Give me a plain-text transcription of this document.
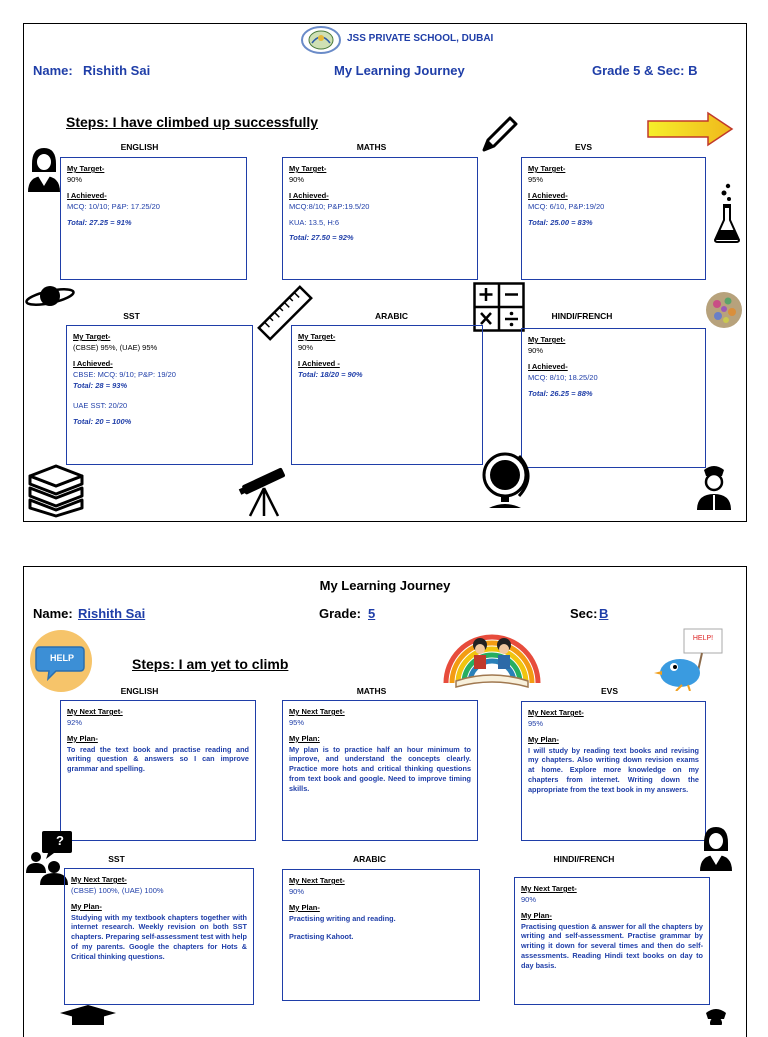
JSS PRIVATE SCHOOL, DUBAI
Name: Rishith Sai	My Learning Journey	Grade 5 & Sec: B
Steps: I have climbed up successfully
ENGLISH	MATHS	EVS
My Target-
90%
I Achieved-
MCQ: 10/10; P&P: 17.25/20
Total: 27.25 = 91%
My Target-
90%
I Achieved-
MCQ:8/10; P&P:19.5/20
KUA: 13.5, H:6
Total: 27.50 = 92%
My Target-
95%
I Achieved-
MCQ: 6/10, P&P:19/20
Total: 25.00 = 83%
SST	ARABIC	HINDI/FRENCH
My Target-
(CBSE) 95%, (UAE) 95%
I Achieved-
CBSE: MCQ: 9/10; P&P: 19/20
Total: 28 = 93%
UAE SST: 20/20
Total: 20 = 100%
My Target-
90%
I Achieved -
Total: 18/20 = 90%
My Target-
90%
I Achieved-
MCQ: 8/10; 18.25/20
Total: 26.25 = 88%
My Learning Journey
Name: Rishith Sai	Grade: 5	Sec: B
HELP	Steps: I am yet to climb
HELP!
ENGLISH	MATHS	EVS
My Next Target-
92%
My Plan-
To read the text book and practise reading and writing question & answers so I can improve grammar and spelling.
My Next Target-
95%
My Plan:
My plan is to practice half an hour minimum to improve, and understand the concepts clearly. Practice more hots and critical thinking questions from text book and google. Need to improve timing skills.
My Next Target-
95%
My Plan-
I will study by reading text books and revising my chapters. Also writing down revision exams at home. Explore more knowledge on my chapters from internet. Writing down the appropriate from the text book in my answers.
?
SST	ARABIC	HINDI/FRENCH
My Next Target-
(CBSE) 100%, (UAE) 100%
My Plan-
Studying with my textbook chapters together with internet research. Weekly revision on both SST chapters. Preparing self-assessment test with help of my parents. Google the chapters for Hots & Critical thinking questions.
My Next Target-
90%
My Plan-
Practising writing and reading.
Practising Kahoot.
My Next Target-
90%
My Plan-
Practising question & answer for all the chapters by writing and self-assessment. Practise grammar by writing it down for several times and then do self-assessments. Reading Hindi text books on day to day basis.
